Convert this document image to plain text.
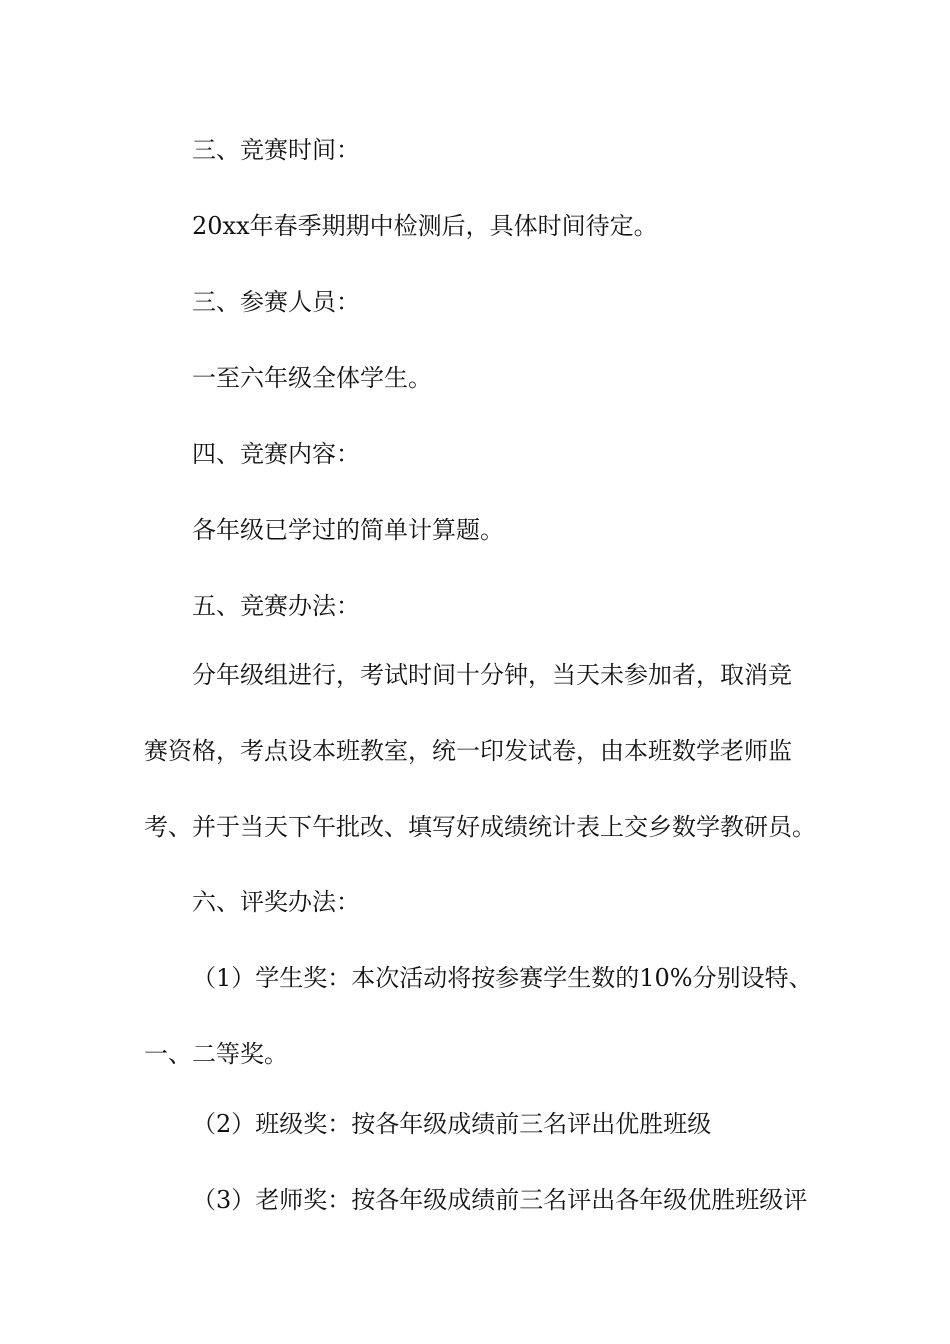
三、竞赛时间：
20xx年春季期期中检测后，具体时间待定。
三、参赛人员：
一至六年级全体学生。
四、竞赛内容：
各年级已学过的简单计算题。
五、竞赛办法：
分年级组进行，考试时间十分钟，当天未参加者，取消竞
赛资格，考点设本班教室，统一印发试卷，由本班数学老师监
考、并于当天下午批改、填写好成绩统计表上交乡数学教研员。
六、评奖办法：
（1）学生奖：本次活动将按参赛学生数的10%分别设特、
一、二等奖。
（2）班级奖：按各年级成绩前三名评出优胜班级
（3）老师奖：按各年级成绩前三名评出各年级优胜班级评
